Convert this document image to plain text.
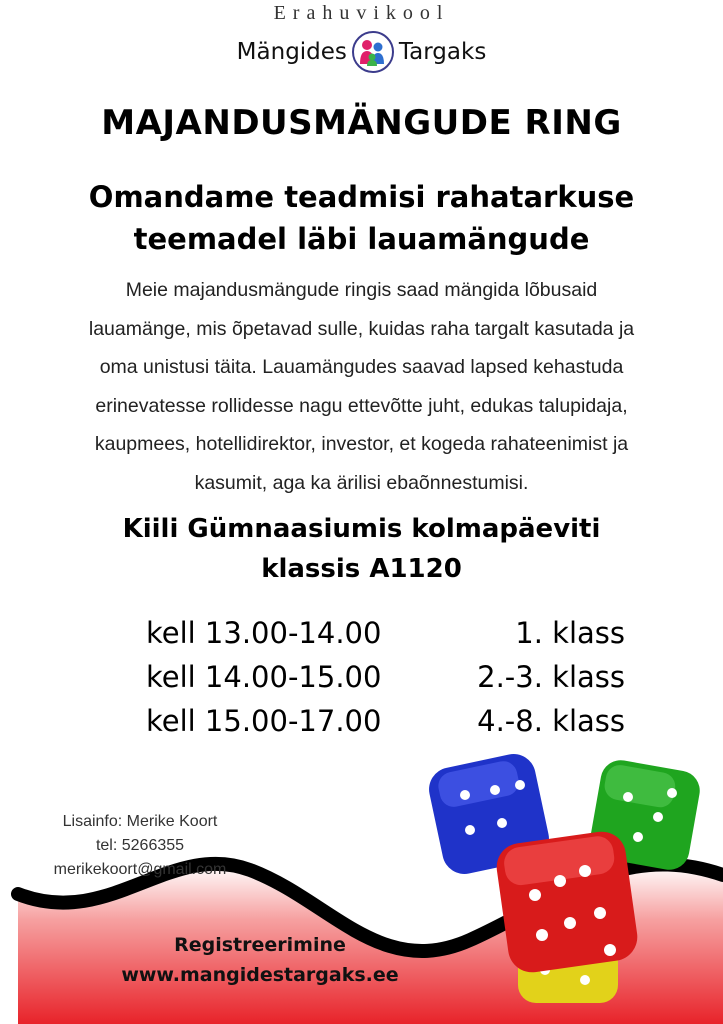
Erahuvikool
Mängides Targaks
MAJANDUSMÄNGUDE RING
Omandame teadmisi rahatarkuse
teemadel läbi lauamängude
Meie majandusmängude ringis saad mängida lõbusaid
lauamänge, mis õpetavad sulle, kuidas raha targalt kasutada ja
oma unistusi täita. Lauamängudes saavad lapsed kehastuda
erinevatesse rollidesse nagu ettevõtte juht, edukas talupidaja,
kaupmees, hotellidirektor, investor, et kogeda rahateenimist ja
kasumit, aga ka ärilisi ebaõnnestumisi.
Kiili Gümnaasiumis kolmapäeviti
klassis A1120
kell 13.00-14.00	1. klass
kell 14.00-15.00	2.-3. klass
kell 15.00-17.00	4.-8. klass
Lisainfo: Merike Koort
tel: 5266355
merikekoort@gmail.com
Registreerimine
www.mangidestargaks.ee
